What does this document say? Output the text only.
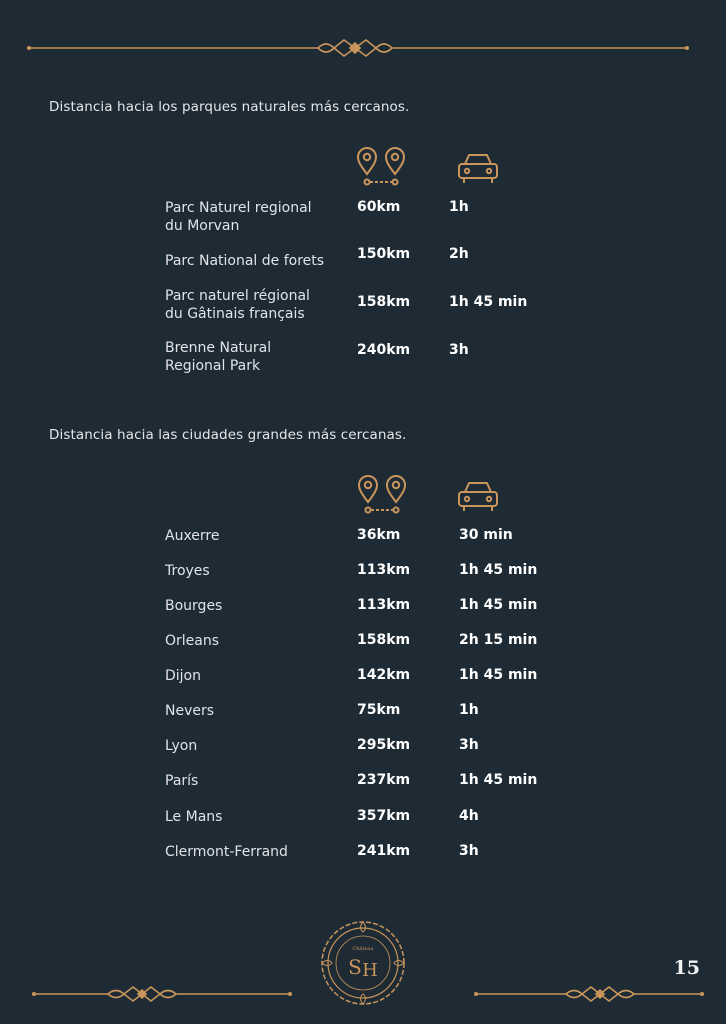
Distancia hacia los parques naturales más cercanos.
Parc Naturel regional
du Morvan
60km	1h
Parc National de forets 150km	2h
Parc naturel régional
du Gâtinais français
158km	1h 45 min
Brenne Natural
Regional Park
240km	3h
Distancia hacia las ciudades grandes más cercanas.
Auxerre	36km	30 min
Troyes	113km	1h 45 min
Bourges	113km	1h 45 min
Orleans	158km	2h 15 min
Dijon	142km	1h 45 min
Nevers	75km	1h
Lyon	295km	3h
París	237km	1h 45 min
Le Mans	357km	4h
Clermont-Ferrand	241km	3h
Château
S H	15
